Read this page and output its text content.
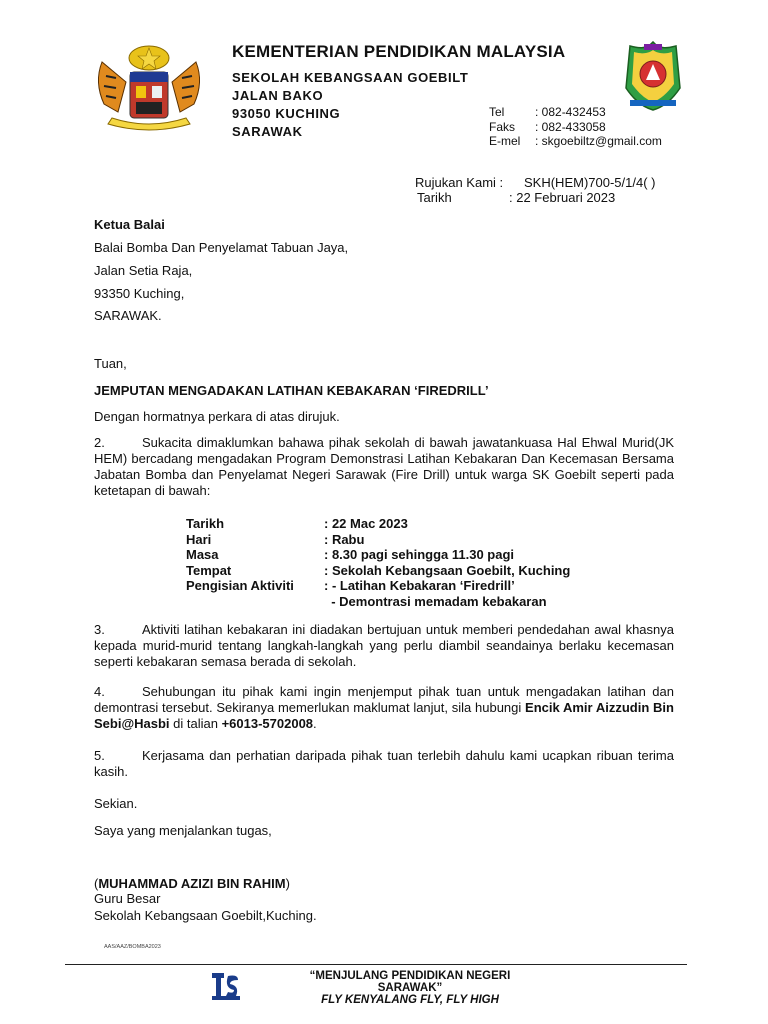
KEMENTERIAN PENDIDIKAN MALAYSIA
SEKOLAH KEBANGSAAN GOEBILT
JALAN BAKO
93050 KUCHING
SARAWAK
Tel	: 082-432453
Faks : 082-433058
E-mel : skgoebiltz@gmail.com
Rujukan Kami : SKH(HEM)700-5/1/4( )
Tarikh	: 22 Februari 2023
Ketua Balai
Balai Bomba Dan Penyelamat Tabuan Jaya,
Jalan Setia Raja,
93350 Kuching,
SARAWAK.
Tuan,
JEMPUTAN MENGADAKAN LATIHAN KEBAKARAN ‘FIREDRILL’
Dengan hormatnya perkara di atas dirujuk.
2.	Sukacita dimaklumkan bahawa pihak sekolah di bawah jawatankuasa Hal Ehwal Murid(JK HEM) bercadang mengadakan Program Demonstrasi Latihan Kebakaran Dan Kecemasan Bersama Jabatan Bomba dan Penyelamat Negeri Sarawak (Fire Drill) untuk warga SK Goebilt seperti pada ketetapan di bawah:
Tarikh	: 22 Mac 2023
Hari	: Rabu
Masa	: 8.30 pagi sehingga 11.30 pagi
Tempat	: Sekolah Kebangsaan Goebilt, Kuching
Pengisian Aktiviti : - Latihan Kebakaran ‘Firedrill’
- Demontrasi memadam kebakaran
3.	Aktiviti latihan kebakaran ini diadakan bertujuan untuk memberi pendedahan awal khasnya kepada murid-murid tentang langkah-langkah yang perlu diambil seandainya berlaku kecemasan seperti kebakaran semasa berada di sekolah.
4.	Sehubungan itu pihak kami ingin menjemput pihak tuan untuk mengadakan latihan dan demontrasi tersebut. Sekiranya memerlukan maklumat lanjut, sila hubungi Encik Amir Aizzudin Bin Sebi@Hasbi di talian +6013-5702008.
5.	Kerjasama dan perhatian daripada pihak tuan terlebih dahulu kami ucapkan ribuan terima kasih.
Sekian.
Saya yang menjalankan tugas,
(MUHAMMAD AZIZI BIN RAHIM)
Guru Besar
Sekolah Kebangsaan Goebilt,Kuching.
AAS/AAZ/BOMBA2023
“MENJULANG PENDIDIKAN NEGERI SARAWAK”
FLY KENYALANG FLY, FLY HIGH
